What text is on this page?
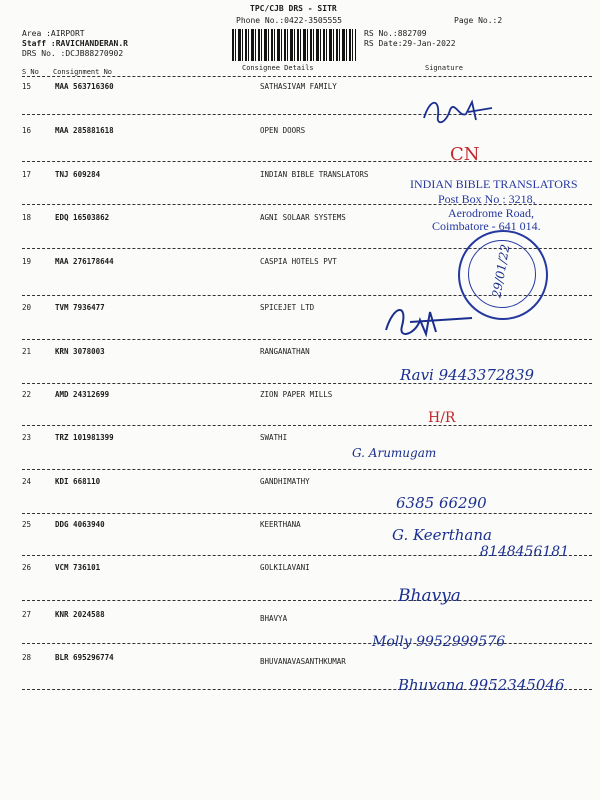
TPC/CJB DRS - SITR
Phone No.:0422-3505555	Page No.:2
Area :AIRPORT
Staff :RAVICHANDERAN.R
DRS No. :DCJB88270902
RS No.:882709
RS Date:29-Jan-2022
S No Consignment No	Consignee Details	Signature
15	MAA 563716360	SATHASIVAM FAMILY
16	MAA 285881618	OPEN DOORS
17	TNJ 609284	INDIAN BIBLE TRANSLATORS
18	EDQ 16503862	AGNI SOLAAR SYSTEMS
19	MAA 276178644	CASPIA HOTELS PVT
20	TVM 7936477	SPICEJET LTD
21	KRN 3078003	RANGANATHAN
22	AMD 24312699	ZION PAPER MILLS
23	TRZ 101981399	SWATHI
24	KDI 668110	GANDHIMATHY
25	DDG 4063940	KEERTHANA
26	VCM 736101	GOLKILAVANI
27	KNR 2024588	BHAVYA
28	BLR 695296774	BHUVANAVASANTHKUMAR
CN
INDIAN BIBLE TRANSLATORS
Post Box No : 3218,
Aerodrome Road,
Coimbatore - 641 014.
29/01/22
Ravi 9443372839
H/R
G. Arumugam
6385 66290
G. Keerthana
8148456181
Bhavya
Molly 9952999576
Bhuvana 9952345046
